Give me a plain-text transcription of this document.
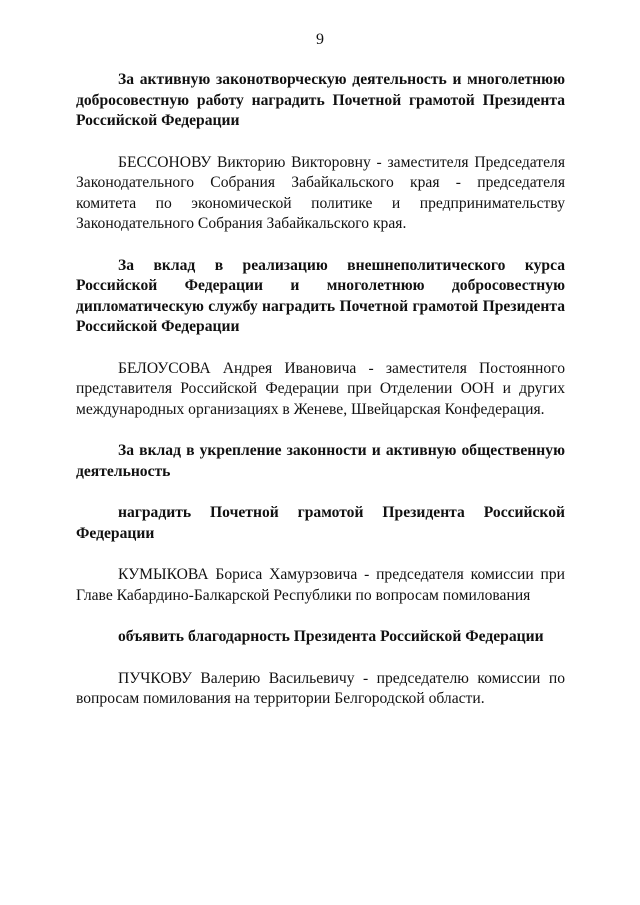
9

За активную законотворческую деятельность и многолетнюю добросовестную работу наградить Почетной грамотой Президента Российской Федерации

БЕССОНОВУ Викторию Викторовну - заместителя Председателя Законодательного Собрания Забайкальского края - председателя комитета по экономической политике и предпринимательству Законодательного Собрания Забайкальского края.

За вклад в реализацию внешнеполитического курса Российской Федерации и многолетнюю добросовестную дипломатическую службу наградить Почетной грамотой Президента Российской Федерации

БЕЛОУСОВА Андрея Ивановича - заместителя Постоянного представителя Российской Федерации при Отделении ООН и других международных организациях в Женеве, Швейцарская Конфедерация.

За вклад в укрепление законности и активную общественную деятельность

наградить Почетной грамотой Президента Российской Федерации

КУМЫКОВА Бориса Хамурзовича - председателя комиссии при Главе Кабардино-Балкарской Республики по вопросам помилования

объявить благодарность Президента Российской Федерации

ПУЧКОВУ Валерию Васильевичу - председателю комиссии по вопросам помилования на территории Белгородской области.
